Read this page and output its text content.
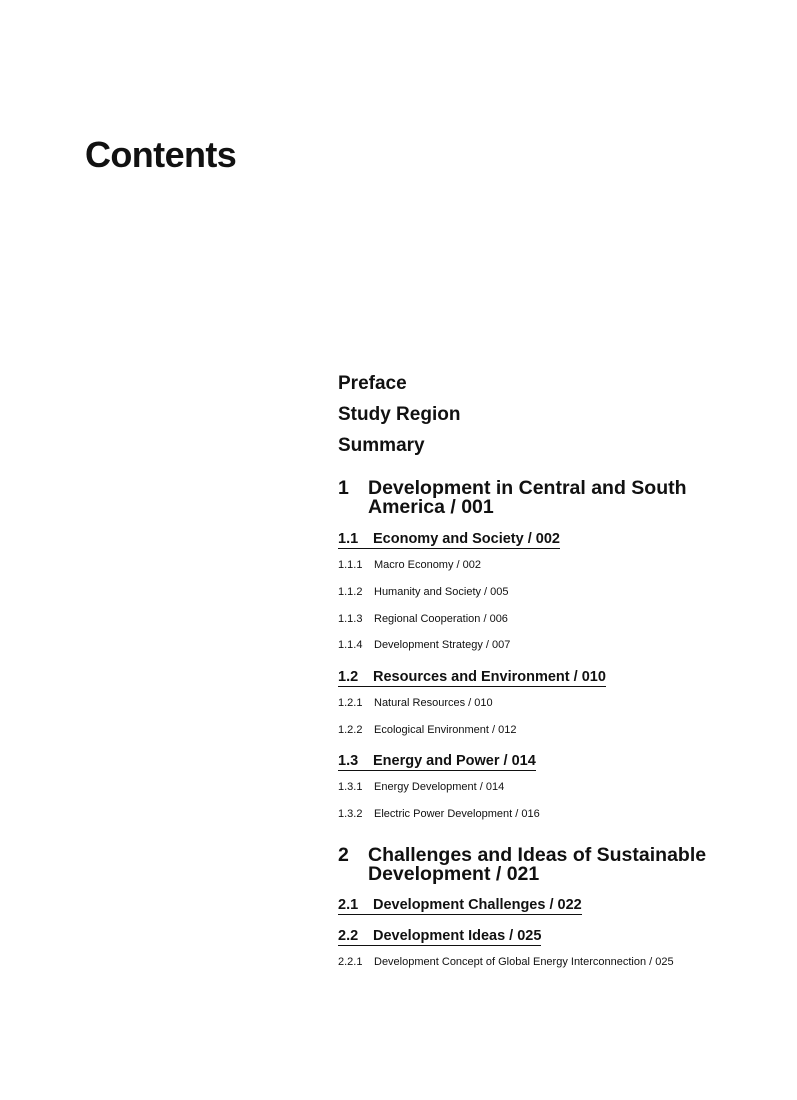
Contents
Preface
Study Region
Summary
1 Development in Central and South America / 001
1.1 Economy and Society / 002
1.1.1 Macro Economy / 002
1.1.2 Humanity and Society / 005
1.1.3 Regional Cooperation / 006
1.1.4 Development Strategy / 007
1.2 Resources and Environment / 010
1.2.1 Natural Resources / 010
1.2.2 Ecological Environment / 012
1.3 Energy and Power / 014
1.3.1 Energy Development / 014
1.3.2 Electric Power Development / 016
2 Challenges and Ideas of Sustainable Development / 021
2.1 Development Challenges / 022
2.2 Development Ideas / 025
2.2.1 Development Concept of Global Energy Interconnection / 025
